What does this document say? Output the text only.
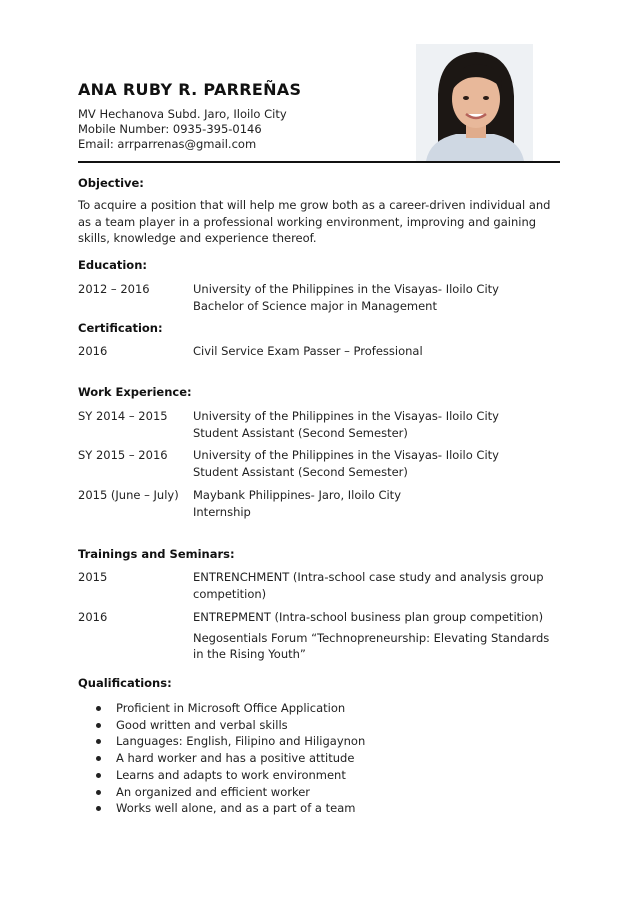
ANA RUBY R. PARREÑAS
MV Hechanova Subd. Jaro, Iloilo City
Mobile Number: 0935-395-0146
Email: arrparrenas@gmail.com
Objective:
To acquire a position that will help me grow both as a career-driven individual and as a team player in a professional working environment, improving and gaining skills, knowledge and experience thereof.
Education:
2012 – 2016	University of the Philippines in the Visayas- Iloilo City
Bachelor of Science major in Management
Certification:
2016	Civil Service Exam Passer – Professional
Work Experience:
SY 2014 – 2015 University of the Philippines in the Visayas- Iloilo City
Student Assistant (Second Semester)
SY 2015 – 2016 University of the Philippines in the Visayas- Iloilo City
Student Assistant (Second Semester)
2015 (June – July) Maybank Philippines- Jaro, Iloilo City
Internship
Trainings and Seminars:
2015	ENTRENCHMENT (Intra-school case study and analysis group competition)
2016	ENTREPMENT (Intra-school business plan group competition)
Negosentials Forum “Technopreneurship: Elevating Standards in the Rising Youth”
Qualifications:
Proficient in Microsoft Office Application
Good written and verbal skills
Languages: English, Filipino and Hiligaynon
A hard worker and has a positive attitude
Learns and adapts to work environment
An organized and efficient worker
Works well alone, and as a part of a team
